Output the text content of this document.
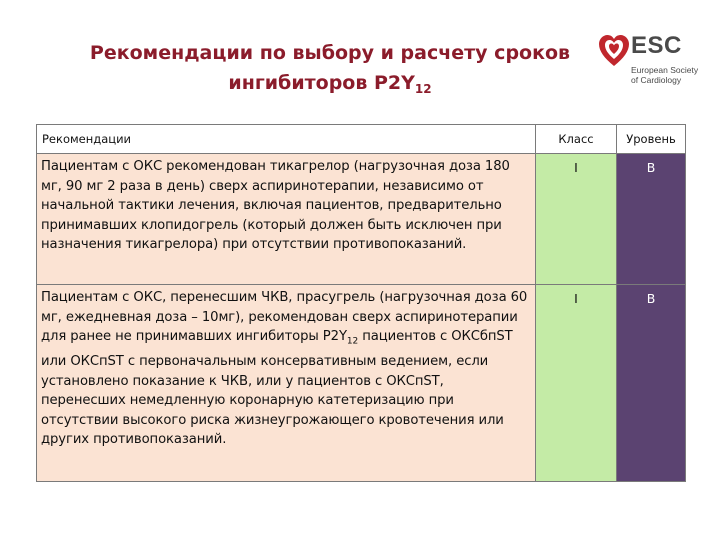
Рекомендации по выбору и расчету сроков
ингибиторов $P2Y_{12}$
ESC
European Society
of Cardiology
Рекомендации	Класс	Уровень
Пациентам с ОКС рекомендован тикагрелор (нагрузочная доза 180 мг, 90 мг 2 раза в день) сверх аспиринотерапии, независимо от начальной тактики лечения, включая пациентов, предварительно принимавших клопидогрель (который должен быть исключен при назначения тикагрелора) при отсутствии противопоказаний.	I	B
Пациентам с ОКС, перенесшим ЧКВ, прасугрель (нагрузочная доза 60 мг, ежедневная доза – 10мг), рекомендован сверх аспиринотерапии для ранее не принимавших ингибиторы $P2Y_{12}$ пациентов с ОКСбпST или ОКСпST с первоначальным консервативным ведением, если установлено показание к ЧКВ, или у пациентов с ОКСпST, перенесших немедленную коронарную катетеризацию при отсутствии высокого риска жизнеугрожающего кровотечения или других противопоказаний.	I	B
